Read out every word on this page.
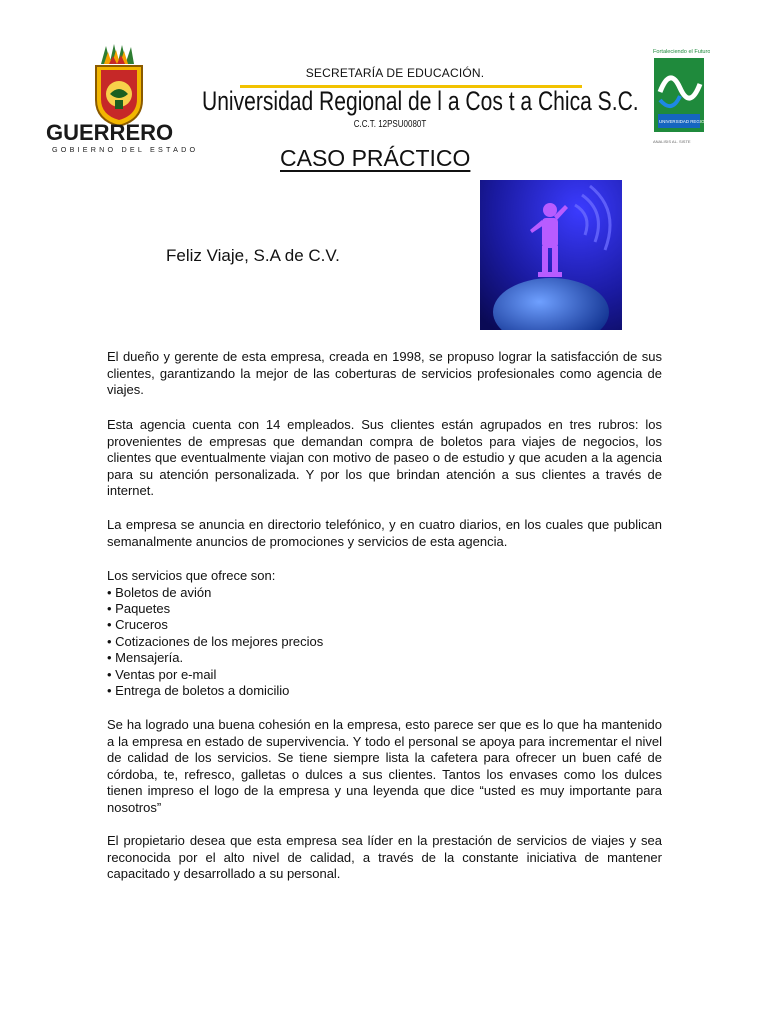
GUERRERO
GOBIERNO DEL ESTADO
Fortaleciendo el Futuro
UNIVERSIDAD REGIONAL
ANALISIS AL. SISTE
SECRETARÍA DE EDUCACIÓN.
Universidad Regional de l a Cos t a Chica S.C.
C.C.T. 12PSU0080T
CASO PRÁCTICO
Feliz Viaje, S.A de C.V.

El dueño y gerente de esta empresa, creada en 1998, se propuso lograr la satisfacción de sus clientes, garantizando la mejor de las coberturas de servicios profesionales como agencia de viajes.

Esta agencia cuenta con 14 empleados. Sus clientes están agrupados en tres rubros: los provenientes de empresas que demandan compra de boletos para viajes de negocios, los clientes que eventualmente viajan con motivo de paseo o de estudio y que acuden a la agencia para su atención personalizada. Y por los que brindan atención a sus clientes a través de internet.

La empresa se anuncia en directorio telefónico, y en cuatro diarios, en los cuales que publican semanalmente anuncios de promociones y servicios de esta agencia.

Los servicios que ofrece son:
• Boletos de avión
• Paquetes
• Cruceros
• Cotizaciones de los mejores precios
• Mensajería.
• Ventas por e-mail
• Entrega de boletos a domicilio

Se ha logrado una buena cohesión en la empresa, esto parece ser que es lo que ha mantenido a la empresa en estado de supervivencia. Y todo el personal se apoya para incrementar el nivel de calidad de los servicios. Se tiene siempre lista la cafetera para ofrecer un buen café de córdoba, te, refresco, galletas o dulces a sus clientes. Tantos los envases como los dulces tienen impreso el logo de la empresa y una leyenda que dice “usted es muy importante para nosotros”

El propietario desea que esta empresa sea líder en la prestación de servicios de viajes y sea reconocida por el alto nivel de calidad, a través de la constante iniciativa de mantener capacitado y desarrollado a su personal.
